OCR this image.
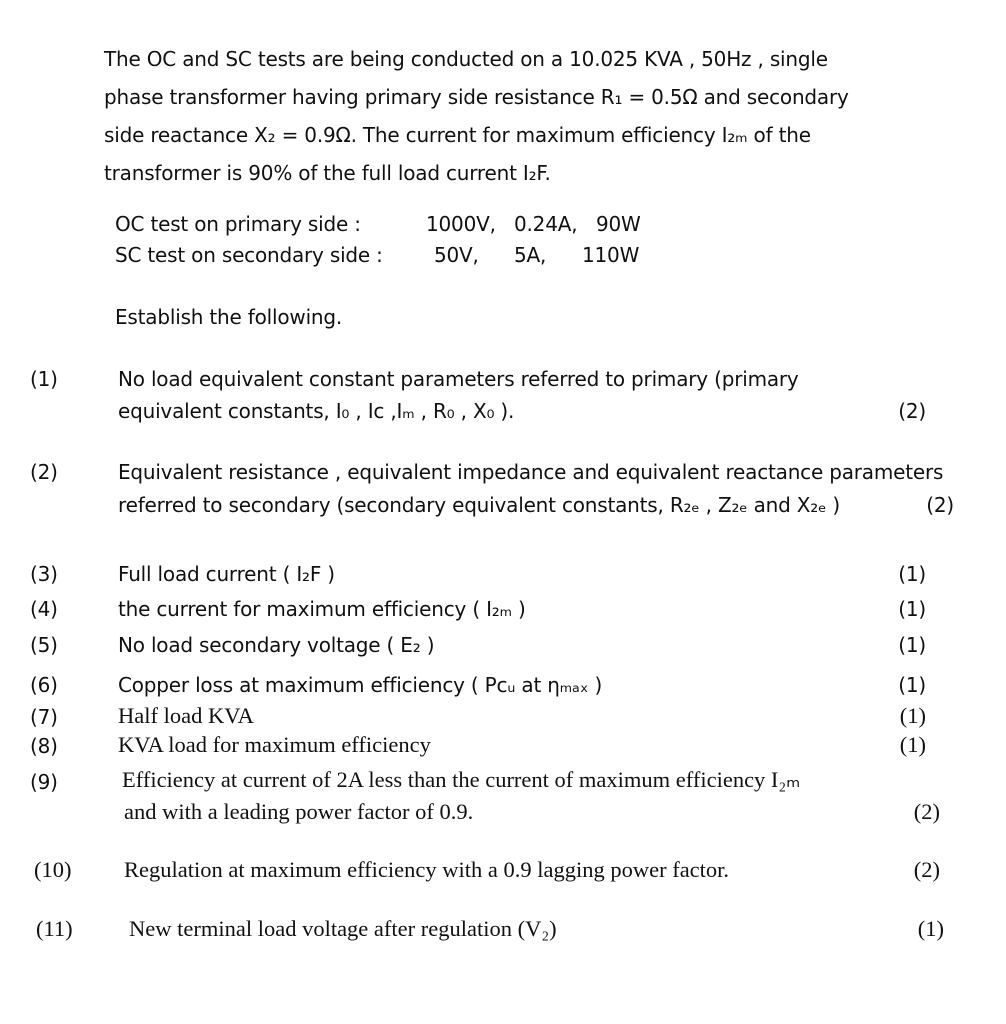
The OC and SC tests are being conducted on a 10.025 KVA , 50Hz , single
phase transformer having primary side resistance R₁ = 0.5Ω and secondary
side reactance X₂ = 0.9Ω. The current for maximum efficiency I₂ₘ of the
transformer is 90% of the full load current I₂F.
OC test on primary side :	1000V, 0.24A, 90W
SC test on secondary side :	50V, 5A, 110W
Establish the following.
(1)	No load equivalent constant parameters referred to primary (primary
equivalent constants, I₀ , Iᴄ ,Iₘ , R₀ , X₀ ).	(2)
(2)	Equivalent resistance , equivalent impedance and equivalent reactance parameters
referred to secondary (secondary equivalent constants, R₂ₑ , Z₂ₑ and X₂ₑ )	(2)
(3)	Full load current ( I₂F )	(1)
(4)	the current for maximum efficiency ( I₂ₘ )	(1)
(5)	No load secondary voltage ( E₂ )	(1)
(6)	Copper loss at maximum efficiency ( Pᴄᵤ at ηₘₐₓ )	(1)
(7)	Half load KVA	(1)
(8)	KVA load for maximum efficiency	(1)
(9)	Efficiency at current of 2A less than the current of maximum efficiency I₂ₘ
and with a leading power factor of 0.9.	(2)
(10) Regulation at maximum efficiency with a 0.9 lagging power factor.	(2)
(11)	New terminal load voltage after regulation (V₂)	(1)
